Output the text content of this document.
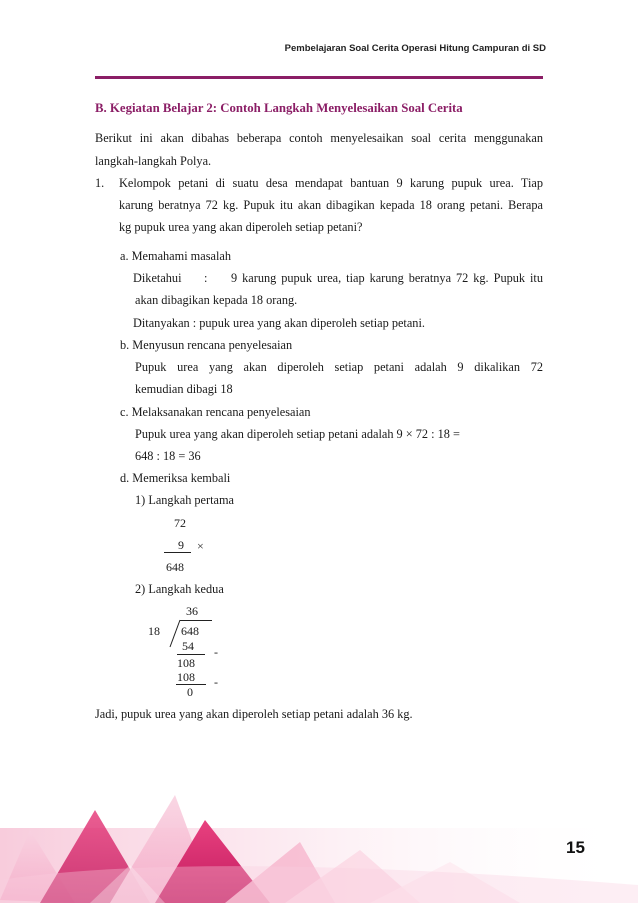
Pembelajaran Soal Cerita Operasi Hitung Campuran di SD
B. Kegiatan Belajar 2: Contoh Langkah Menyelesaikan Soal Cerita
Berikut ini akan dibahas beberapa contoh menyelesaikan soal cerita menggunakan
langkah-langkah Polya.
1. Kelompok petani di suatu desa mendapat bantuan 9 karung pupuk urea. Tiap
karung beratnya 72 kg. Pupuk itu akan dibagikan kepada 18 orang petani. Berapa
kg pupuk urea yang akan diperoleh setiap petani?
a. Memahami masalah
Diketahui : 9 karung pupuk urea, tiap karung beratnya 72 kg. Pupuk itu
akan dibagikan kepada 18 orang.
Ditanyakan : pupuk urea yang akan diperoleh setiap petani.
b. Menyusun rencana penyelesaian
Pupuk urea yang akan diperoleh setiap petani adalah 9 dikalikan 72
kemudian dibagi 18
c. Melaksanakan rencana penyelesaian
Pupuk urea yang akan diperoleh setiap petani adalah 9 × 72 : 18 =
648 : 18 = 36
d. Memeriksa kembali
1) Langkah pertama
72
9 ×
648
2) Langkah kedua
36
18 648
54 -
108
108 -
0
Jadi, pupuk urea yang akan diperoleh setiap petani adalah 36 kg.
15
